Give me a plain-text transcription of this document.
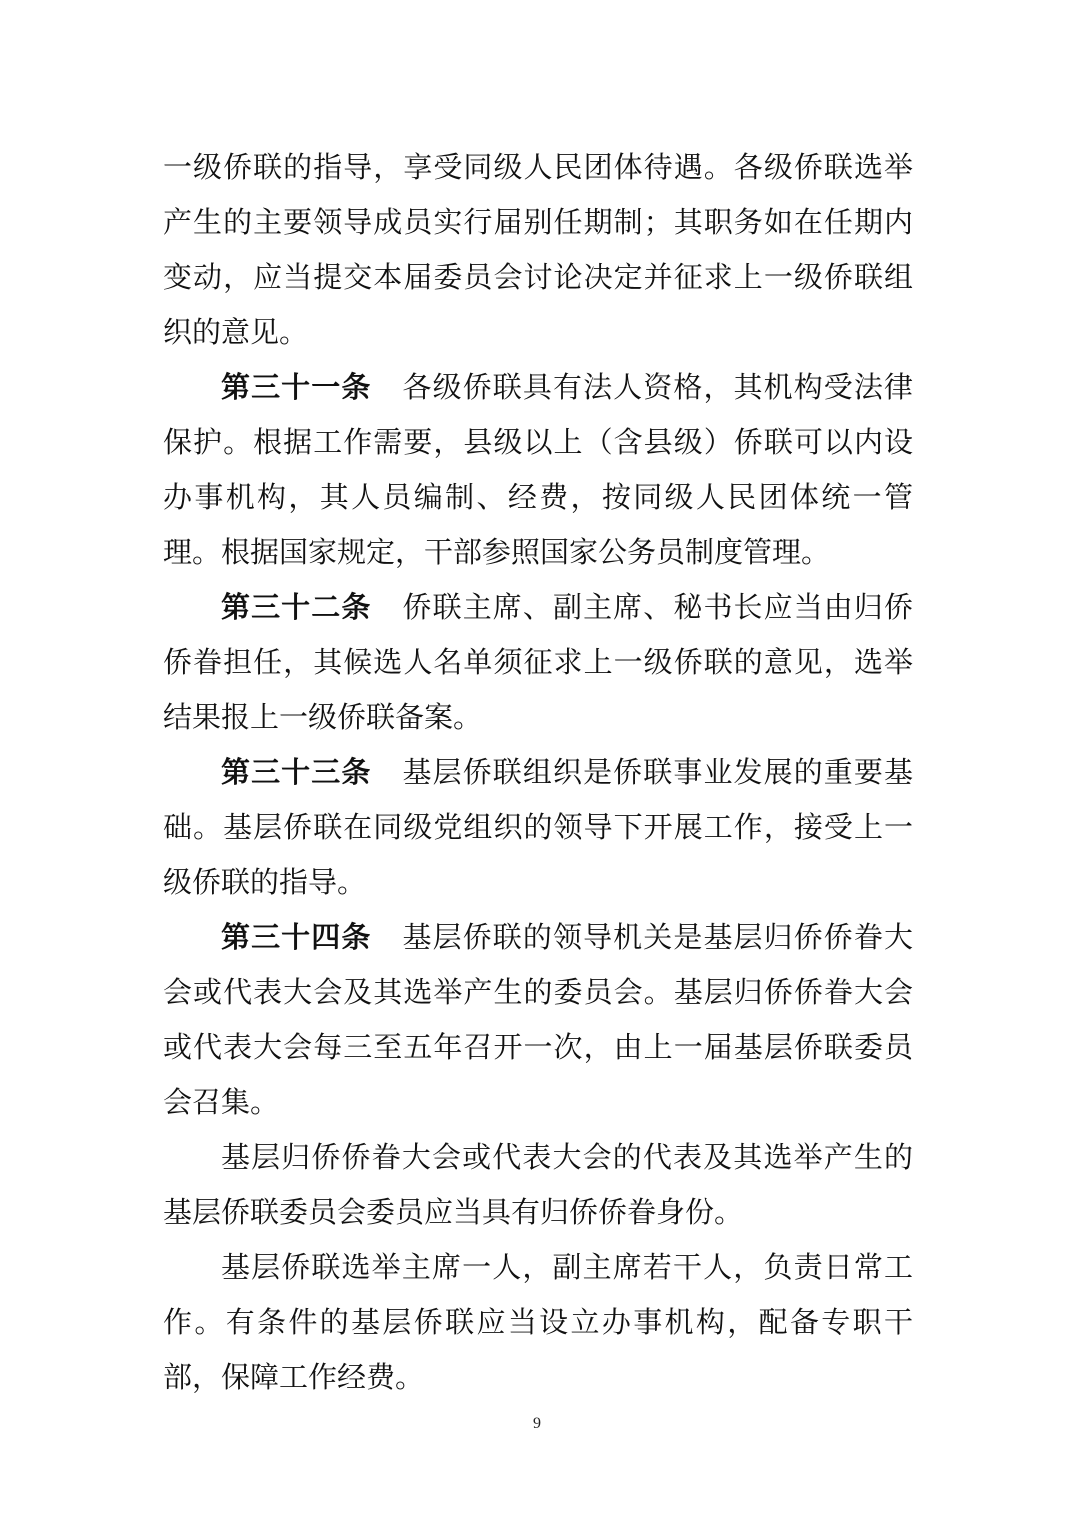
一级侨联的指导，享受同级人民团体待遇。各级侨联选举产生的主要领导成员实行届别任期制；其职务如在任期内变动，应当提交本届委员会讨论决定并征求上一级侨联组织的意见。

第三十一条 各级侨联具有法人资格，其机构受法律保护。根据工作需要，县级以上（含县级）侨联可以内设办事机构，其人员编制、经费，按同级人民团体统一管理。根据国家规定，干部参照国家公务员制度管理。

第三十二条 侨联主席、副主席、秘书长应当由归侨侨眷担任，其候选人名单须征求上一级侨联的意见，选举结果报上一级侨联备案。

第三十三条 基层侨联组织是侨联事业发展的重要基础。基层侨联在同级党组织的领导下开展工作，接受上一级侨联的指导。

第三十四条 基层侨联的领导机关是基层归侨侨眷大会或代表大会及其选举产生的委员会。基层归侨侨眷大会或代表大会每三至五年召开一次，由上一届基层侨联委员会召集。

基层归侨侨眷大会或代表大会的代表及其选举产生的基层侨联委员会委员应当具有归侨侨眷身份。

基层侨联选举主席一人，副主席若干人，负责日常工作。有条件的基层侨联应当设立办事机构，配备专职干部，保障工作经费。

9
